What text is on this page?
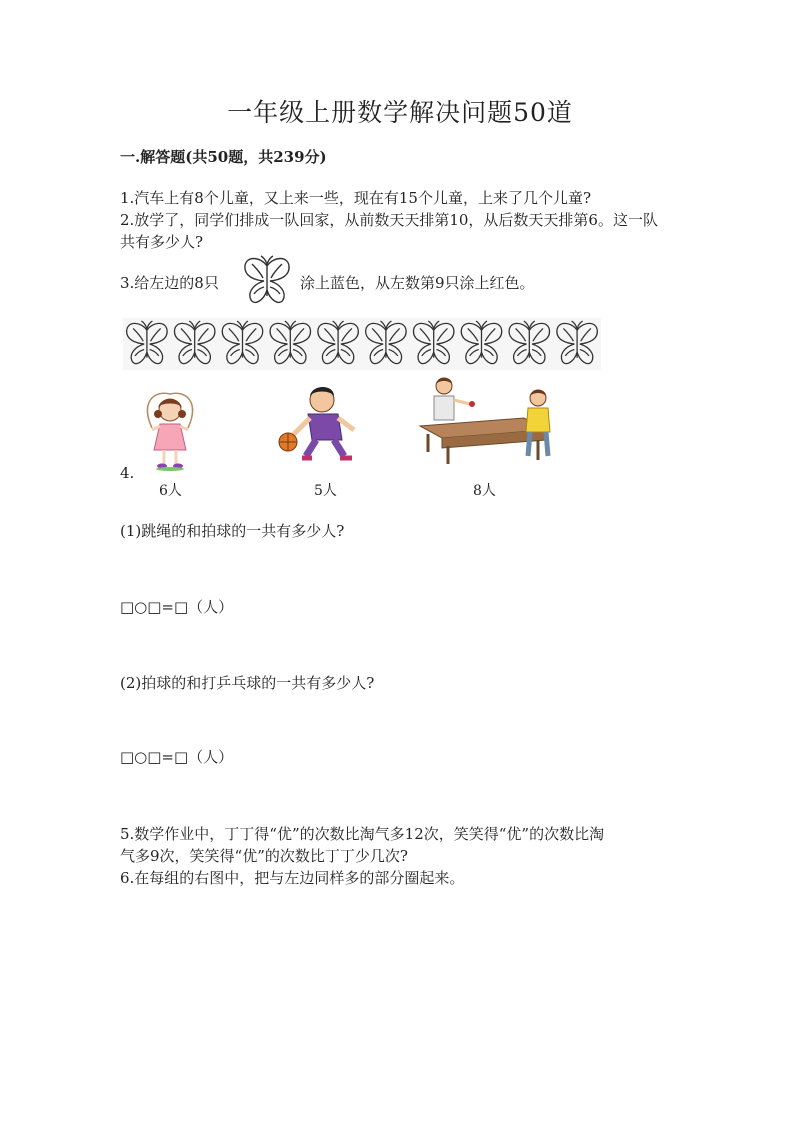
一年级上册数学解决问题50道
一.解答题(共50题，共239分)
1.汽车上有8个儿童，又上来一些，现在有15个儿童，上来了几个儿童?
2.放学了，同学们排成一队回家，从前数天天排第10，从后数天天排第6。这一队
共有多少人?
3.给左边的8只	涂上蓝色，从左数第9只涂上红色。
4.
6人	5人	8人
(1)跳绳的和拍球的一共有多少人?
□○□=□（人）
(2)拍球的和打乒乓球的一共有多少人?
□○□=□（人）
5.数学作业中，丁丁得“优”的次数比淘气多12次，笑笑得“优”的次数比淘
气多9次，笑笑得“优”的次数比丁丁少几次?
6.在每组的右图中，把与左边同样多的部分圈起来。
